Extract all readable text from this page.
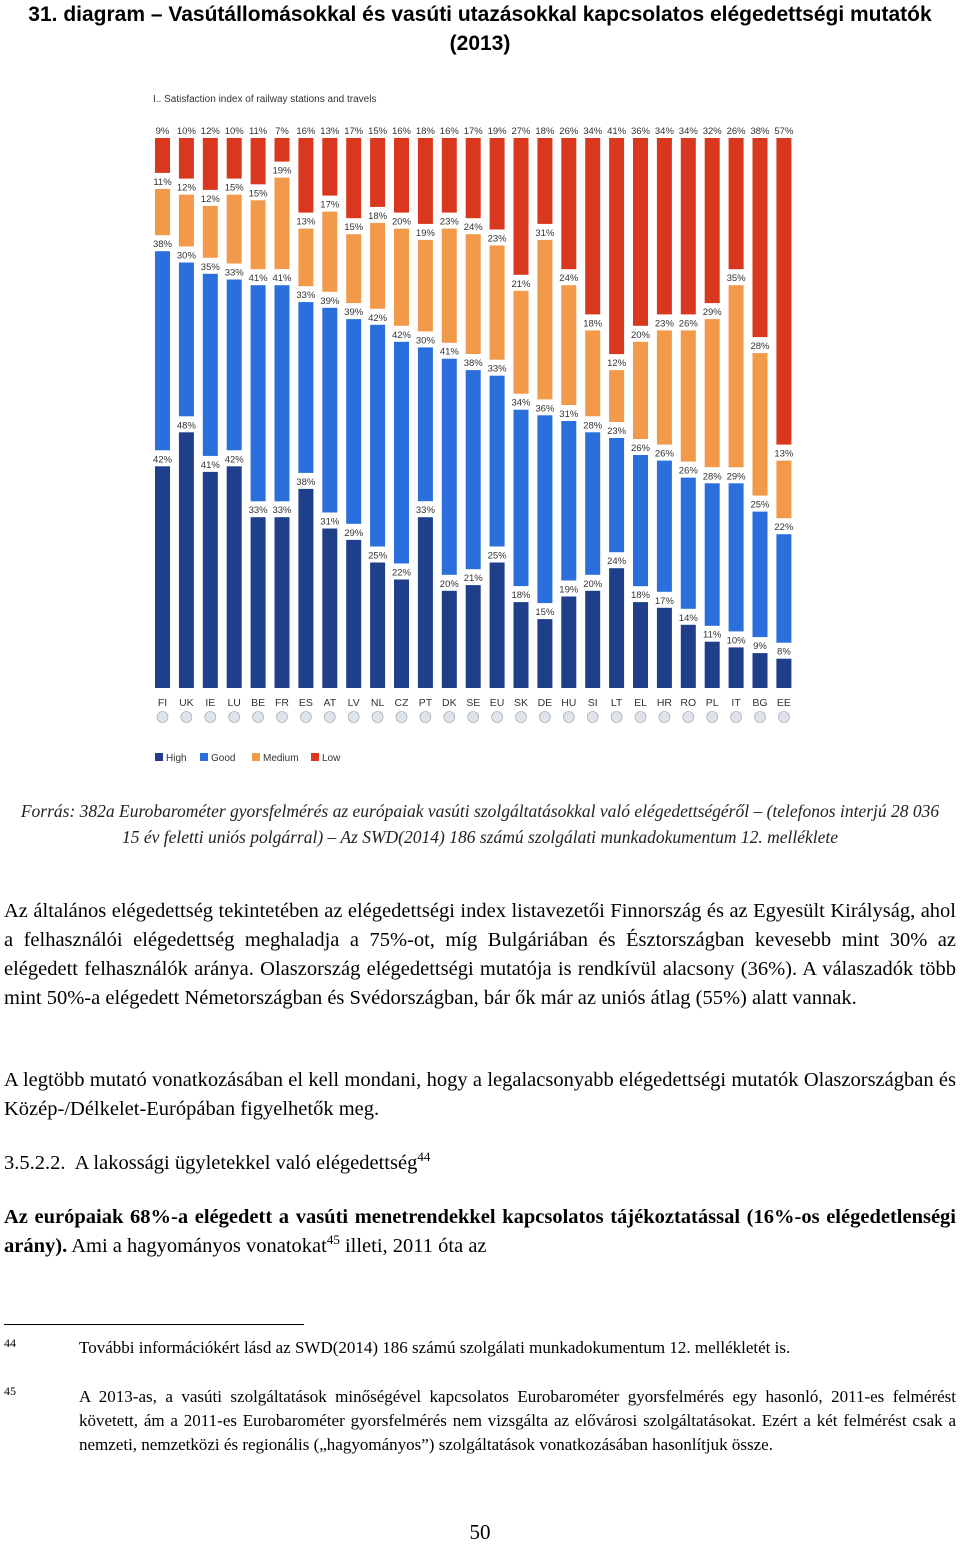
31. diagram – Vasútállomásokkal és vasúti utazásokkal kapcsolatos elégedettségi mutatók (2013)
I.. Satisfaction index of railway stations and travels
42%
38%
11%
9%
48%
30%
12%
10%
41%
35%
12%
12%
42%
33%
15%
10%
33%
41%
15%
11%
33%
41%
19%
7%
38%
33%
13%
16%
31%
39%
17%
13%
29%
39%
15%
17%
25%
42%
18%
15%
22%
42%
20%
16%
33%
30%
19%
18%
20%
41%
23%
16%
21%
38%
24%
17%
25%
33%
23%
19%
18%
34%
21%
27%
15%
36%
31%
18%
19%
31%
24%
26%
20%
28%
18%
34%
24%
23%
12%
41%
18%
26%
20%
36%
17%
26%
23%
34%
14%
26%
26%
34%
11%
28%
29%
32%
10%
29%
35%
26%
9%
25%
28%
38%
8%
22%
13%
57%
FI UK IE LU BE FR ES AT LV NL CZ PT DK SE EU SK DE HU SI LT EL HR RO PL IT BG EE
High Good	Medium Low
Forrás: 382a Eurobarométer gyorsfelmérés az európaiak vasúti szolgáltatásokkal való elégedettségéről – (telefonos interjú 28 036 15 év feletti uniós polgárral) – Az SWD(2014) 186 számú szolgálati munkadokumentum 12. melléklete
Az általános elégedettség tekintetében az elégedettségi index listavezetői Finnország és az Egyesült Királyság, ahol a felhasználói elégedettség meghaladja a 75%-ot, míg Bulgáriában és Észtországban kevesebb mint 30% az elégedett felhasználók aránya. Olaszország elégedettségi mutatója is rendkívül alacsony (36%). A válaszadók több mint 50%-a elégedett Németországban és Svédországban, bár ők már az uniós átlag (55%) alatt vannak.
A legtöbb mutató vonatkozásában el kell mondani, hogy a legalacsonyabb elégedettségi mutatók Olaszországban és Közép-/Délkelet-Európában figyelhetők meg.
3.5.2.2. A lakossági ügyletekkel való elégedettség$^{44}$
Az európaiak 68%-a elégedett a vasúti menetrendekkel kapcsolatos tájékoztatással (16%-os elégedetlenségi arány). Ami a hagyományos vonatokat$^{45}$ illeti, 2011 óta az
44	További információkért lásd az SWD(2014) 186 számú szolgálati munkadokumentum 12. mellékletét is.
45	A 2013-as, a vasúti szolgáltatások minőségével kapcsolatos Eurobarométer gyorsfelmérés egy hasonló, 2011-es felmérést követett, ám a 2011-es Eurobarométer gyorsfelmérés nem vizsgálta az elővárosi szolgáltatásokat. Ezért a két felmérést csak a nemzeti, nemzetközi és regionális („hagyományos”) szolgáltatások vonatkozásában hasonlítjuk össze.
50
